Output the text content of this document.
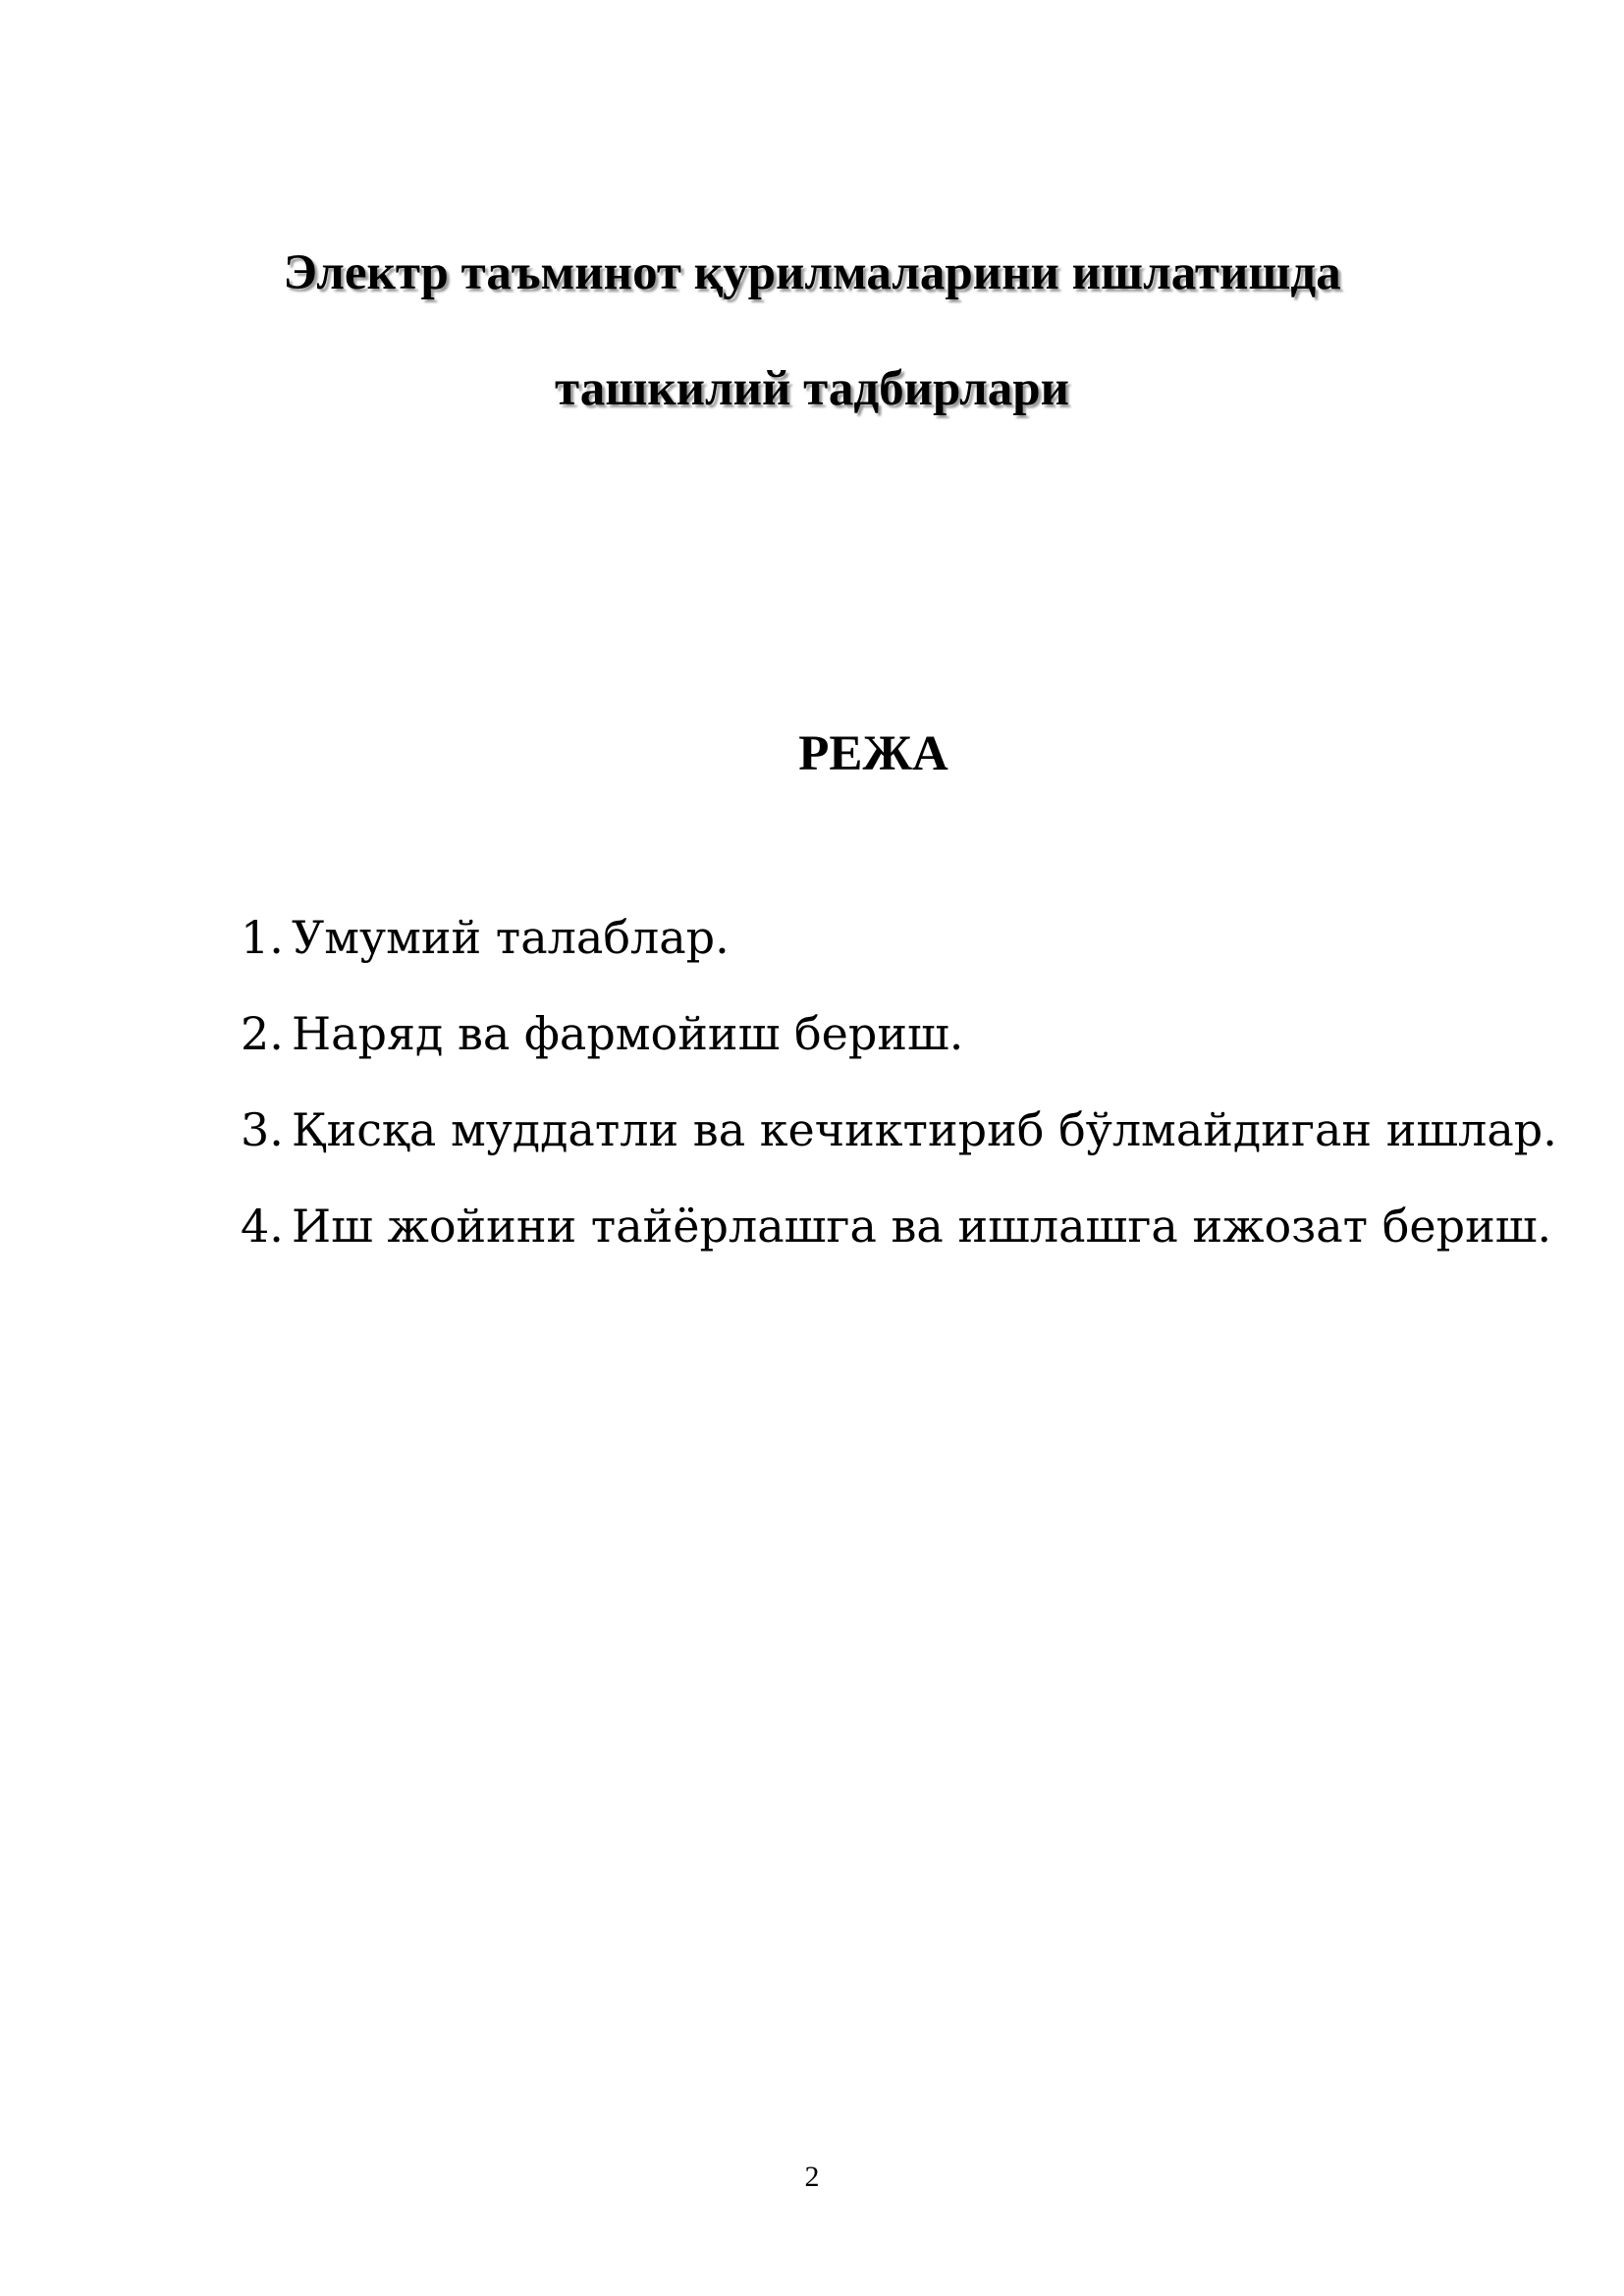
Электр таъминот қурилмаларини ишлатишда

ташкилий тадбирлари

РЕЖА

1. Умумий талаблар.
2. Наряд ва фармойиш бериш.
3. Қисқа муддатли ва кечиктириб бўлмайдиган ишлар.
4. Иш жойини тайёрлашга ва ишлашга ижозат бериш.
2
